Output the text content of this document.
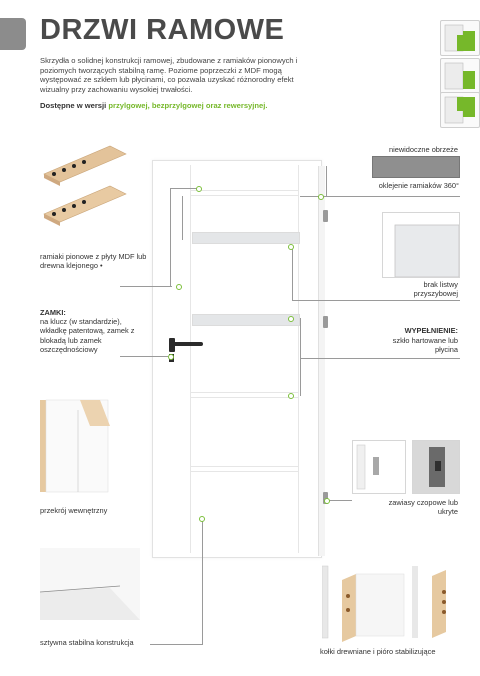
DRZWI RAMOWE

Skrzydła o solidnej konstrukcji ramowej, zbudowane z ramiaków pionowych i poziomych tworzących stabilną ramę. Poziome poprzeczki z MDF mogą występować ze szkłem lub płycinami, co pozwala uzyskać różnorodny efekt wizualny przy zachowaniu wysokiej trwałości.

Dostępne w wersji przylgowej, bezprzylgowej oraz rewersyjnej.
niewidoczne obrzeże
oklejenie ramiaków 360°
brak listwy przyszybowej
WYPEŁNIENIE:
szkło hartowane lub płycina
zawiasy czopowe lub ukryte
kołki drewniane i pióro stabilizujące
ramiaki pionowe z płyty MDF lub drewna klejonego •
ZAMKI:
na klucz (w standardzie), wkładkę patentową, zamek z blokadą lub zamek oszczędnościowy
przekrój wewnętrzny
sztywna stabilna konstrukcja
